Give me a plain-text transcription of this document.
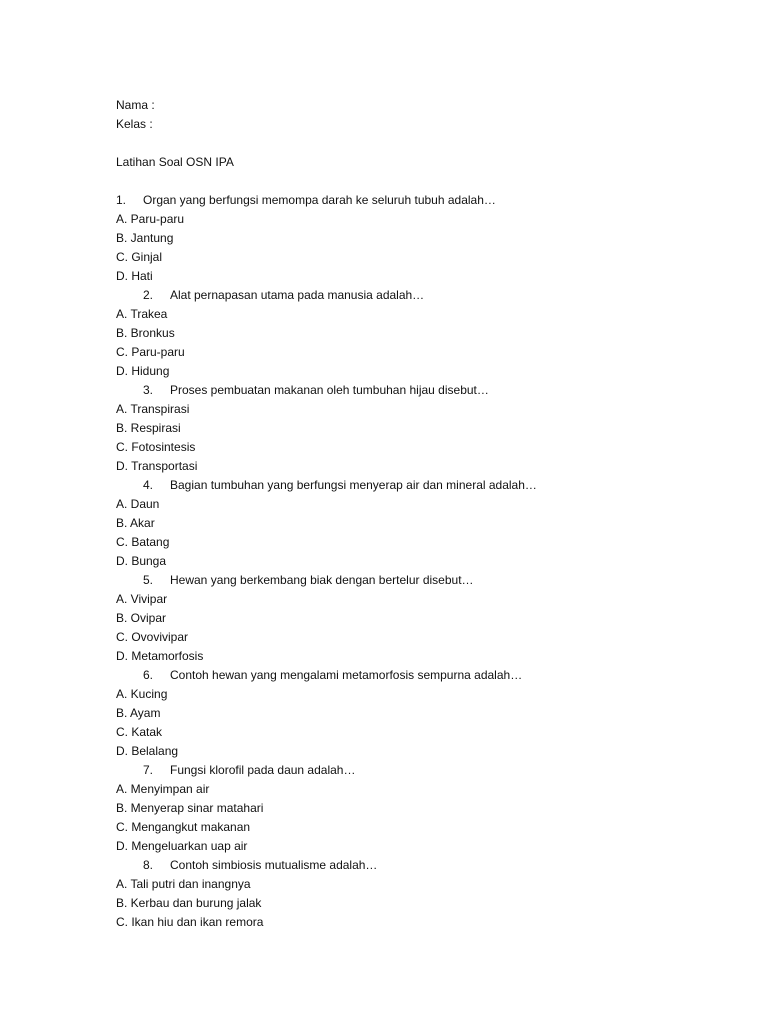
Nama :
Kelas :
Latihan Soal OSN IPA
1. Organ yang berfungsi memompa darah ke seluruh tubuh adalah…
A. Paru-paru
B. Jantung
C. Ginjal
D. Hati
2. Alat pernapasan utama pada manusia adalah…
A. Trakea
B. Bronkus
C. Paru-paru
D. Hidung
3. Proses pembuatan makanan oleh tumbuhan hijau disebut…
A. Transpirasi
B. Respirasi
C. Fotosintesis
D. Transportasi
4. Bagian tumbuhan yang berfungsi menyerap air dan mineral adalah…
A. Daun
B. Akar
C. Batang
D. Bunga
5. Hewan yang berkembang biak dengan bertelur disebut…
A. Vivipar
B. Ovipar
C. Ovovivipar
D. Metamorfosis
6. Contoh hewan yang mengalami metamorfosis sempurna adalah…
A. Kucing
B. Ayam
C. Katak
D. Belalang
7. Fungsi klorofil pada daun adalah…
A. Menyimpan air
B. Menyerap sinar matahari
C. Mengangkut makanan
D. Mengeluarkan uap air
8. Contoh simbiosis mutualisme adalah…
A. Tali putri dan inangnya
B. Kerbau dan burung jalak
C. Ikan hiu dan ikan remora
